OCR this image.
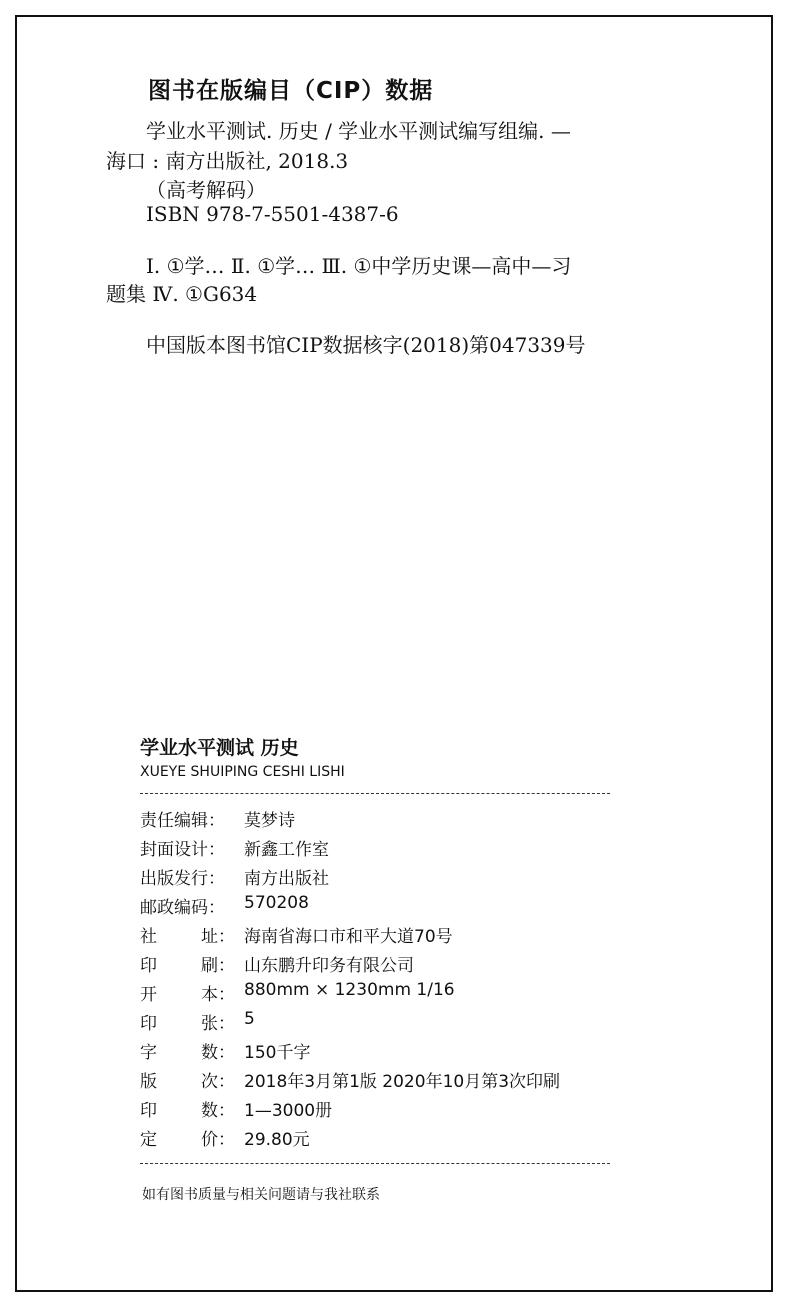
图书在版编目（CIP）数据

学业水平测试. 历史 / 学业水平测试编写组编. —

海口 : 南方出版社, 2018.3

（高考解码）

ISBN 978-7-5501-4387-6

Ⅰ. ①学… Ⅱ. ①学… Ⅲ. ①中学历史课—高中—习

题集 Ⅳ. ①G634

中国版本图书馆CIP数据核字(2018)第047339号

学业水平测试 历史
XUEYE SHUIPING CESHI LISHI
责任编辑： 莫梦诗
封面设计： 新鑫工作室
出版发行： 南方出版社
邮政编码： 570208
社	址： 海南省海口市和平大道70号
印	刷： 山东鹏升印务有限公司
开	本： 880mm × 1230mm 1/16
印	张： 5
字	数： 150千字
版	次： 2018年3月第1版 2020年10月第3次印刷
印	数： 1—3000册
定	价： 29.80元
如有图书质量与相关问题请与我社联系
